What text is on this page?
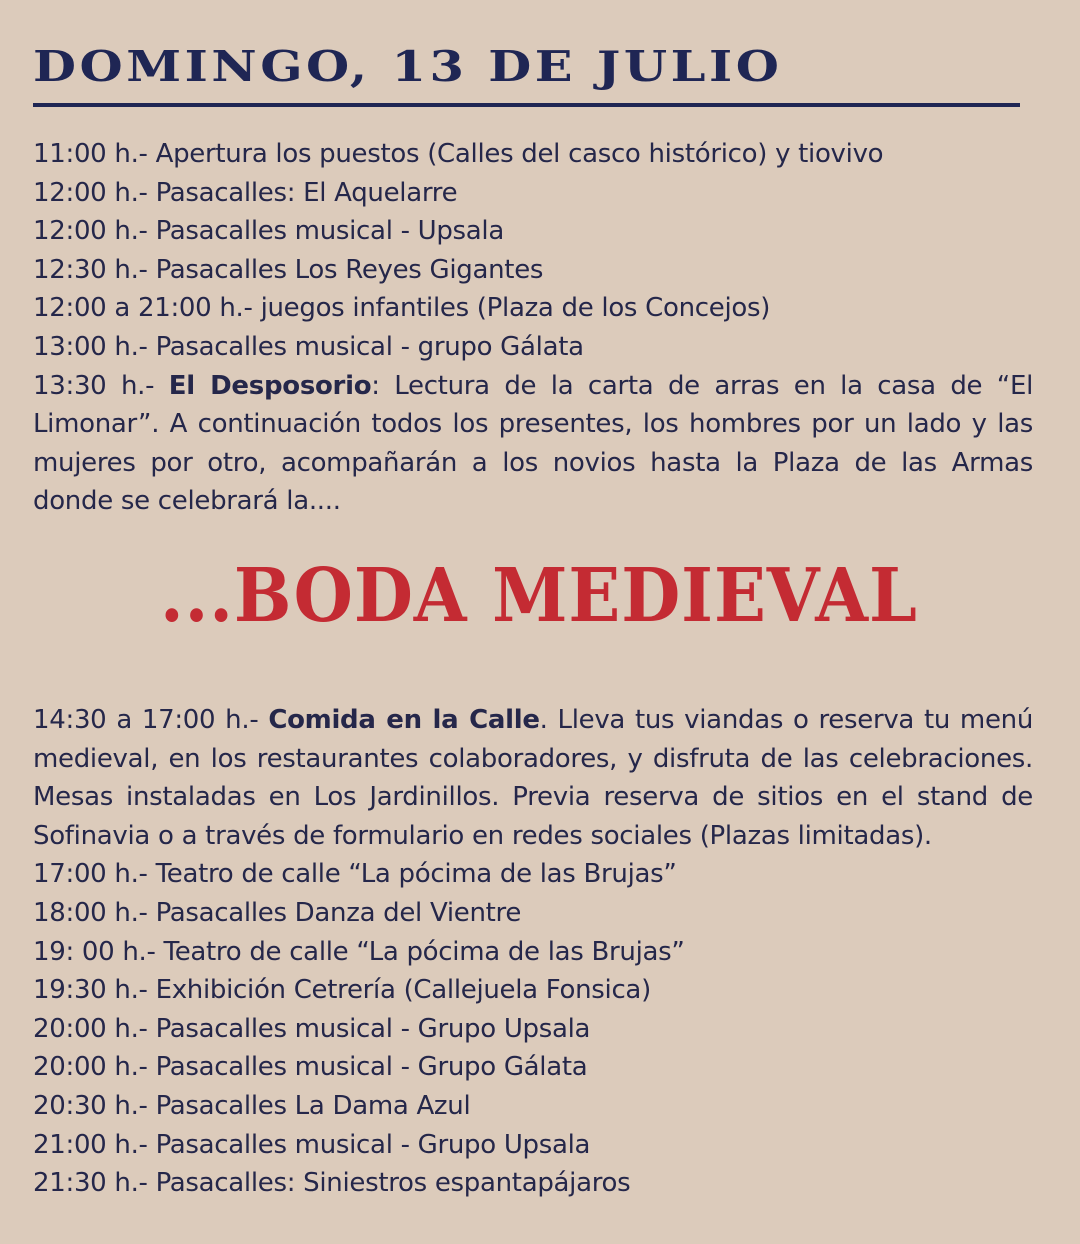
DOMINGO, 13 DE JULIO

11:00 h.- Apertura los puestos (Calles del casco histórico) y tiovivo

12:00 h.- Pasacalles: El Aquelarre

12:00 h.- Pasacalles musical - Upsala

12:30 h.- Pasacalles Los Reyes Gigantes

12:00 a 21:00 h.- juegos infantiles (Plaza de los Concejos)

13:00 h.- Pasacalles musical - grupo Gálata

13:30 h.- El Desposorio: Lectura de la carta de arras en la casa de “El Limonar”. A continuación todos los presentes, los hombres por un lado y las mujeres por otro, acompañarán a los novios hasta la Plaza de las Armas donde se celebrará la....

...BODA MEDIEVAL

14:30 a 17:00 h.- Comida en la Calle. Lleva tus viandas o reserva tu menú medieval, en los restaurantes colaboradores, y disfruta de las celebraciones. Mesas instaladas en Los Jardinillos. Previa reserva de sitios en el stand de Sofinavia o a través de formulario en redes sociales (Plazas limitadas).

17:00 h.- Teatro de calle “La pócima de las Brujas”

18:00 h.- Pasacalles Danza del Vientre

19: 00 h.- Teatro de calle “La pócima de las Brujas”

19:30 h.- Exhibición Cetrería (Callejuela Fonsica)

20:00 h.- Pasacalles musical - Grupo Upsala

20:00 h.- Pasacalles musical - Grupo Gálata

20:30 h.- Pasacalles La Dama Azul

21:00 h.- Pasacalles musical - Grupo Upsala

21:30 h.- Pasacalles: Siniestros espantapájaros
